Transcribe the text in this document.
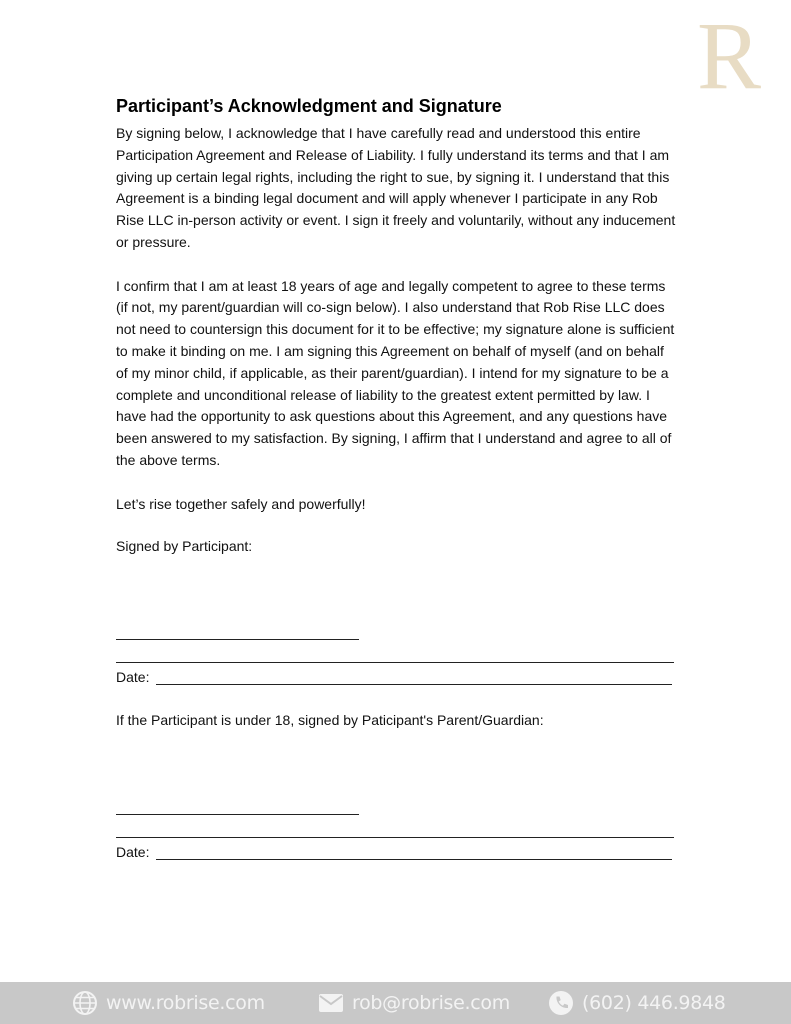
R
Participant’s Acknowledgment and Signature

By signing below, I acknowledge that I have carefully read and understood this entire Participation Agreement and Release of Liability. I fully understand its terms and that I am giving up certain legal rights, including the right to sue, by signing it. I understand that this Agreement is a binding legal document and will apply whenever I participate in any Rob Rise LLC in-person activity or event. I sign it freely and voluntarily, without any inducement or pressure.

I confirm that I am at least 18 years of age and legally competent to agree to these terms (if not, my parent/guardian will co-sign below). I also understand that Rob Rise LLC does not need to countersign this document for it to be effective; my signature alone is sufficient to make it binding on me. I am signing this Agreement on behalf of myself (and on behalf of my minor child, if applicable, as their parent/guardian). I intend for my signature to be a complete and unconditional release of liability to the greatest extent permitted by law. I have had the opportunity to ask questions about this Agreement, and any questions have been answered to my satisfaction. By signing, I affirm that I understand and agree to all of the above terms.

Let’s rise together safely and powerfully!

Signed by Participant:
Date:
If the Participant is under 18, signed by Paticipant's Parent/Guardian:
Date:
www.robrise.com	rob@robrise.com	(602) 446.9848
